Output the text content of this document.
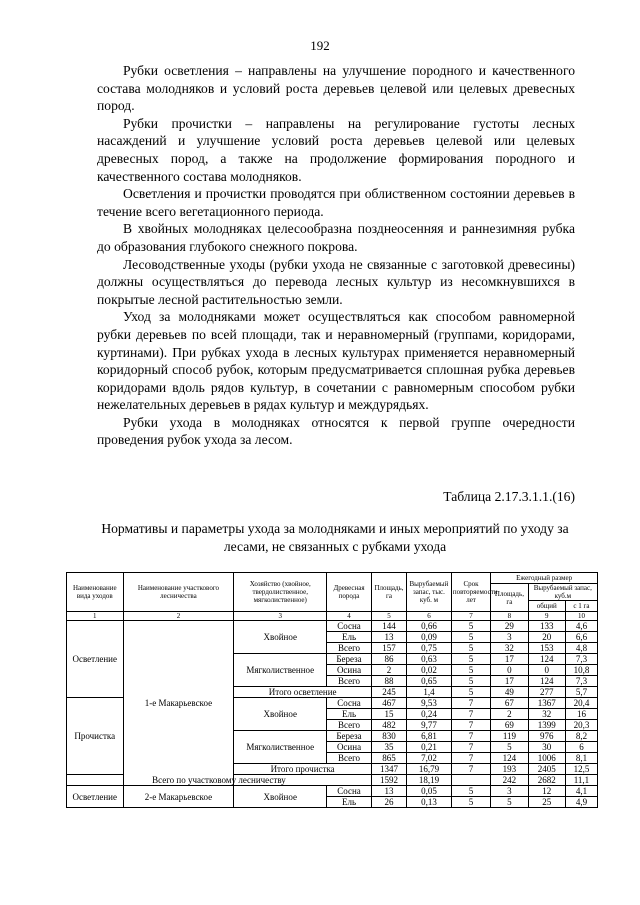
192

Рубки осветления – направлены на улучшение породного и качественного состава молодняков и условий роста деревьев целевой или целевых древесных пород.

Рубки прочистки – направлены на регулирование густоты лесных насаждений и улучшение условий роста деревьев целевой или целевых древесных пород, а также на продолжение формирования породного и качественного состава молодняков.

Осветления и прочистки проводятся при облиственном состоянии деревьев в течение всего вегетационного периода.

В хвойных молодняках целесообразна позднеосенняя и раннезимняя рубка до образования глубокого снежного покрова.

Лесоводственные уходы (рубки ухода не связанные с заготовкой древесины) должны осуществляться до перевода лесных культур из несомкнувшихся в покрытые лесной растительностью земли.

Уход за молодняками может осуществляться как способом равномерной рубки деревьев по всей площади, так и неравномерный (группами, коридорами, куртинами). При рубках ухода в лесных культурах применяется неравномерный коридорный способ рубок, которым предусматривается сплошная рубка деревьев коридорами вдоль рядов культур, в сочетании с равномерным способом рубки нежелательных деревьев в рядах культур и междурядьях.

Рубки ухода в молодняках относятся к первой группе очередности проведения рубок ухода за лесом.

Таблица 2.17.3.1.1.(16)
Нормативы и параметры ухода за молодняками и иных мероприятий по уходу за лесами, не связанных с рубками ухода
Наименование вида уходов	Наименование участкового лесничества	Хозяйство (хвойное, твердолиственное, мягколиственное)	Древесная порода	Площадь, га	Вырубаемый запас, тыс. куб. м	Срок повторяемости лет	Ежегодный размер		
							Площадь, га	Вырубаемый запас, куб.м	
								общий	с 1 га
1	2	3	4	5	6	7	8	9	10
Осветление	1-е Макарьевское	Хвойное	Сосна	144	0,66	5	29	133	4,6
			Ель	13	0,09	5	3	20	6,6
			Всего	157	0,75	5	32	153	4,8
		Мягколиственное	Береза	86	0,63	5	17	124	7,3
			Осина	2	0,02	5	0	0	10,8
			Всего	88	0,65	5	17	124	7,3
		Итого осветление		245	1,4	5	49	277	5,7
Прочистка		Хвойное	Сосна	467	9,53	7	67	1367	20,4
			Ель	15	0,24	7	2	32	16
			Всего	482	9,77	7	69	1399	20,3
		Мягколиственное	Береза	830	6,81	7	119	976	8,2
			Осина	35	0,21	7	5	30	6
			Всего	865	7,02	7	124	1006	8,1
		Итого прочистка		1347	16,79	7	193	2405	12,5
Всего по участковому лесничеству				1592	18,19		242	2682	11,1
Осветление	2-е Макарьевское	Хвойное	Сосна	13	0,05	5	3	12	4,1
			Ель	26	0,13	5	5	25	4,9
